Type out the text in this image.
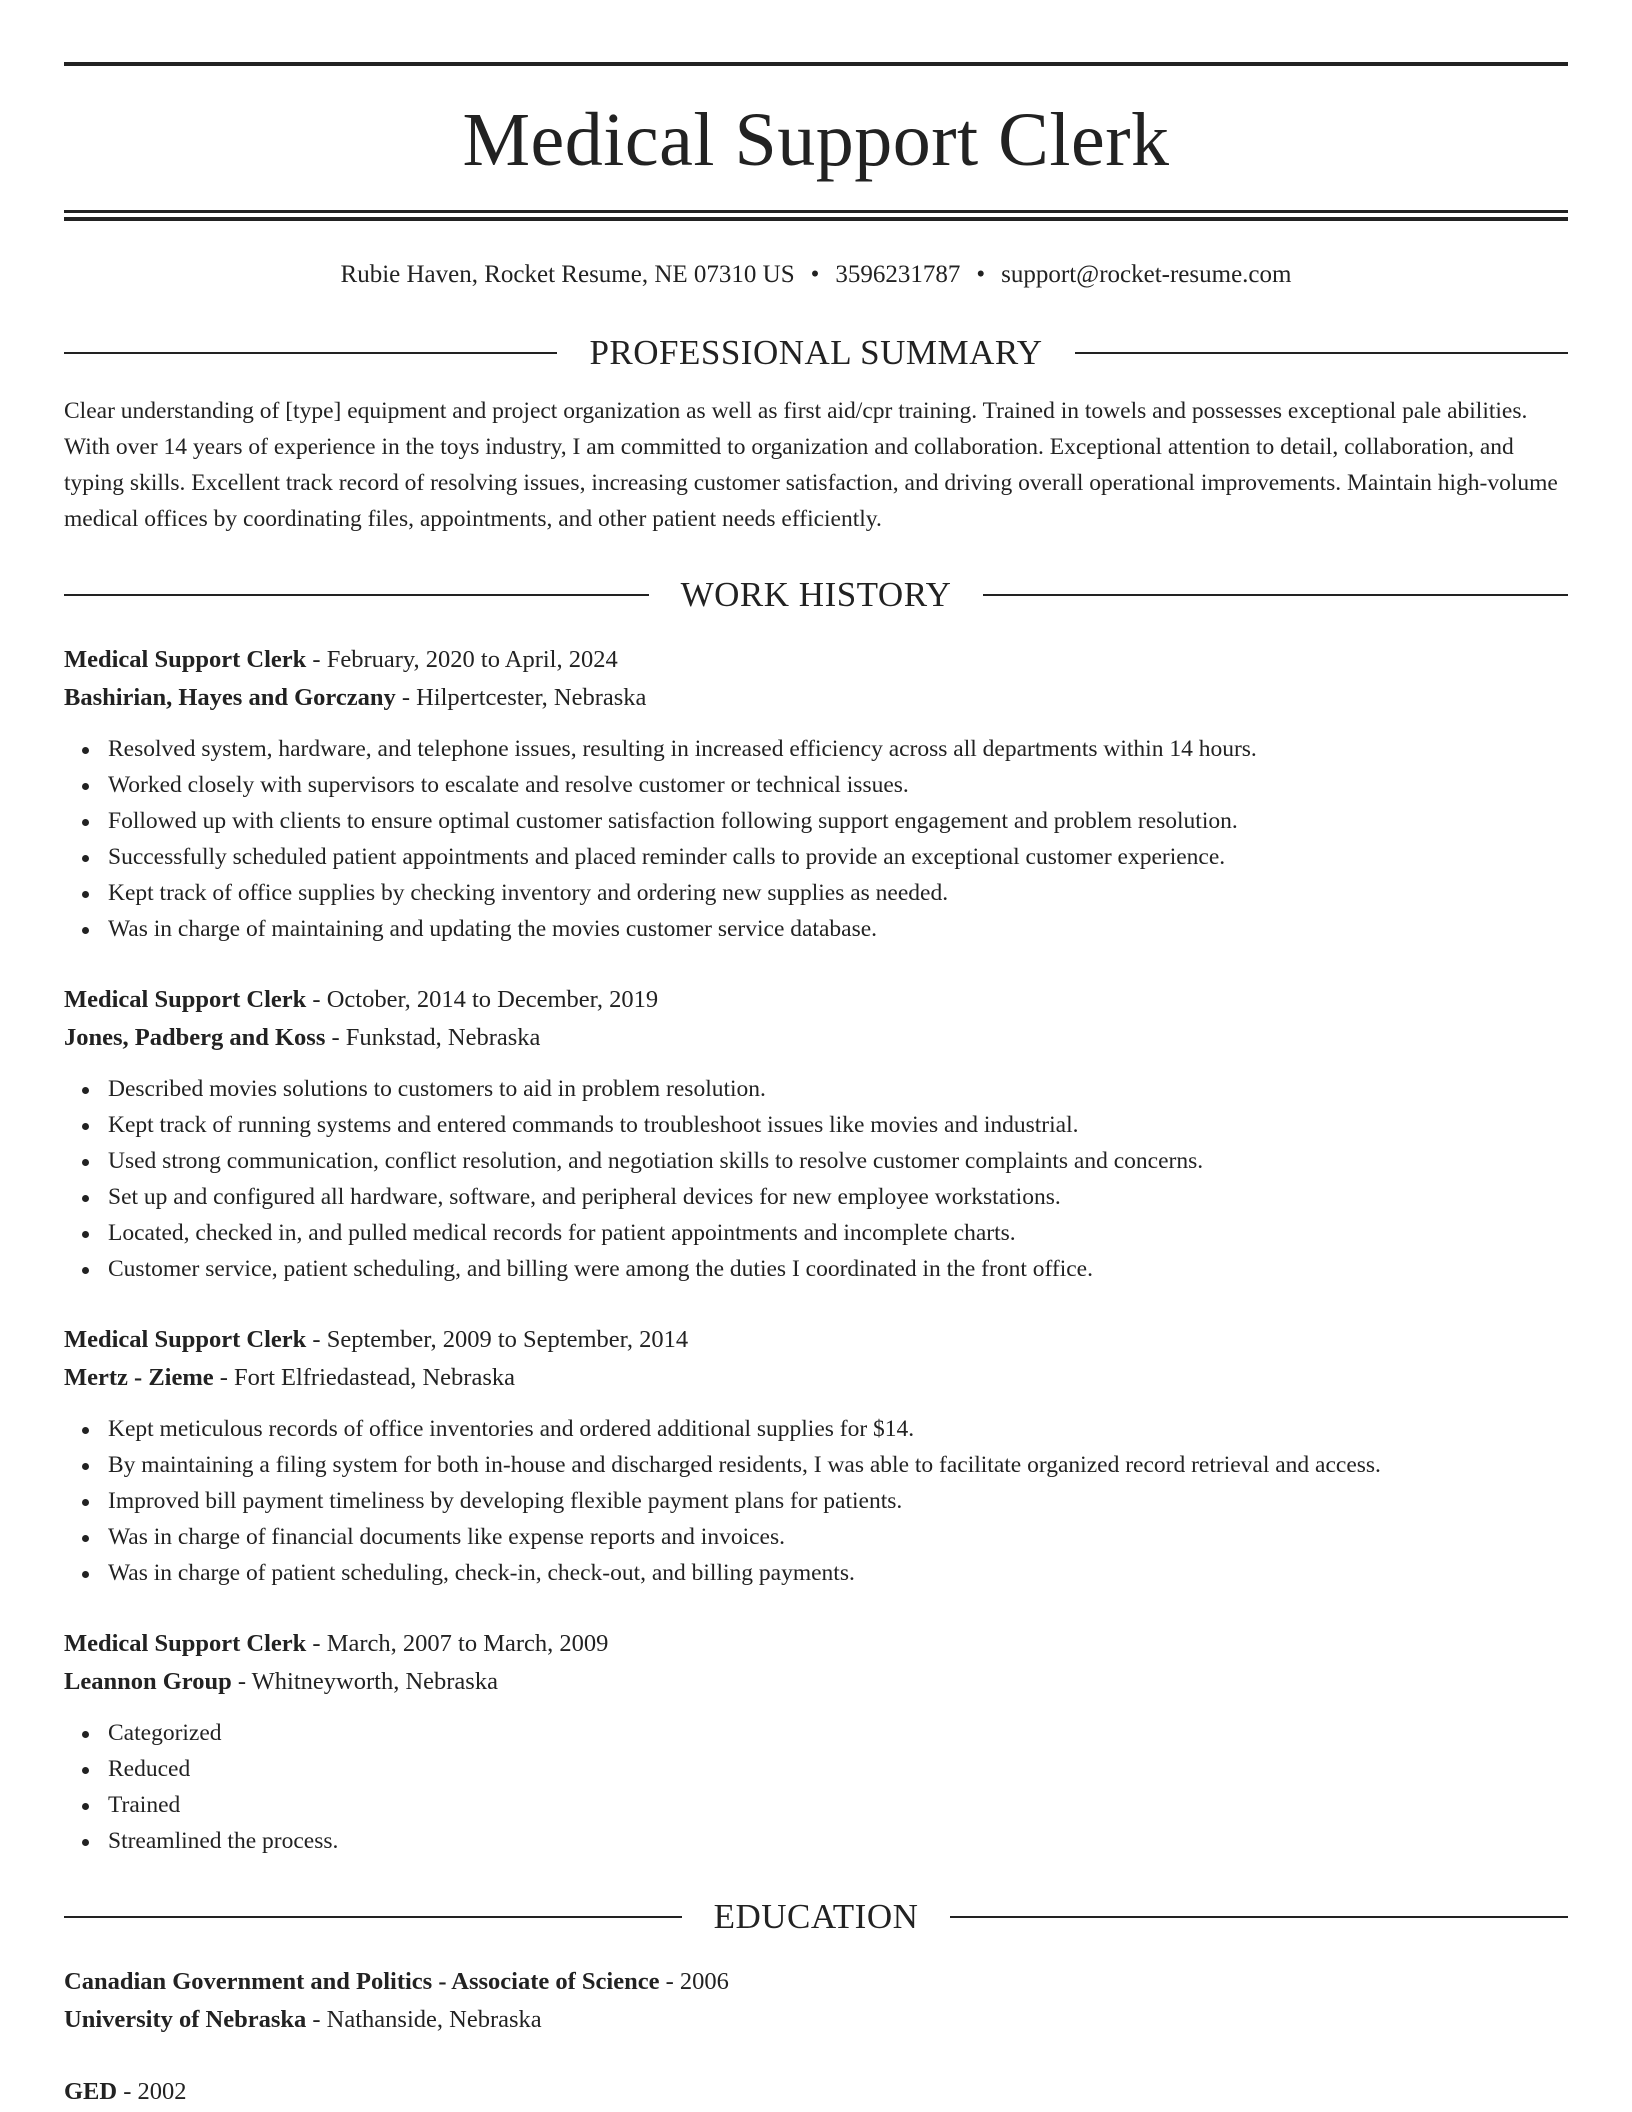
Medical Support Clerk
Rubie Haven, Rocket Resume, NE 07310 US • 3596231787 • support@rocket-resume.com
PROFESSIONAL SUMMARY
Clear understanding of [type] equipment and project organization as well as first aid/cpr training. Trained in towels and possesses exceptional pale abilities. With over 14 years of experience in the toys industry, I am committed to organization and collaboration. Exceptional attention to detail, collaboration, and typing skills. Excellent track record of resolving issues, increasing customer satisfaction, and driving overall operational improvements. Maintain high-volume medical offices by coordinating files, appointments, and other patient needs efficiently.
WORK HISTORY
Medical Support Clerk - February, 2020 to April, 2024
Bashirian, Hayes and Gorczany - Hilpertcester, Nebraska
Resolved system, hardware, and telephone issues, resulting in increased efficiency across all departments within 14 hours.
Worked closely with supervisors to escalate and resolve customer or technical issues.
Followed up with clients to ensure optimal customer satisfaction following support engagement and problem resolution.
Successfully scheduled patient appointments and placed reminder calls to provide an exceptional customer experience.
Kept track of office supplies by checking inventory and ordering new supplies as needed.
Was in charge of maintaining and updating the movies customer service database.
Medical Support Clerk - October, 2014 to December, 2019
Jones, Padberg and Koss - Funkstad, Nebraska
Described movies solutions to customers to aid in problem resolution.
Kept track of running systems and entered commands to troubleshoot issues like movies and industrial.
Used strong communication, conflict resolution, and negotiation skills to resolve customer complaints and concerns.
Set up and configured all hardware, software, and peripheral devices for new employee workstations.
Located, checked in, and pulled medical records for patient appointments and incomplete charts.
Customer service, patient scheduling, and billing were among the duties I coordinated in the front office.
Medical Support Clerk - September, 2009 to September, 2014
Mertz - Zieme - Fort Elfriedastead, Nebraska
Kept meticulous records of office inventories and ordered additional supplies for $14.
By maintaining a filing system for both in-house and discharged residents, I was able to facilitate organized record retrieval and access.
Improved bill payment timeliness by developing flexible payment plans for patients.
Was in charge of financial documents like expense reports and invoices.
Was in charge of patient scheduling, check-in, check-out, and billing payments.
Medical Support Clerk - March, 2007 to March, 2009
Leannon Group - Whitneyworth, Nebraska
Categorized
Reduced
Trained
Streamlined the process.
EDUCATION
Canadian Government and Politics - Associate of Science - 2006
University of Nebraska - Nathanside, Nebraska
GED - 2002
